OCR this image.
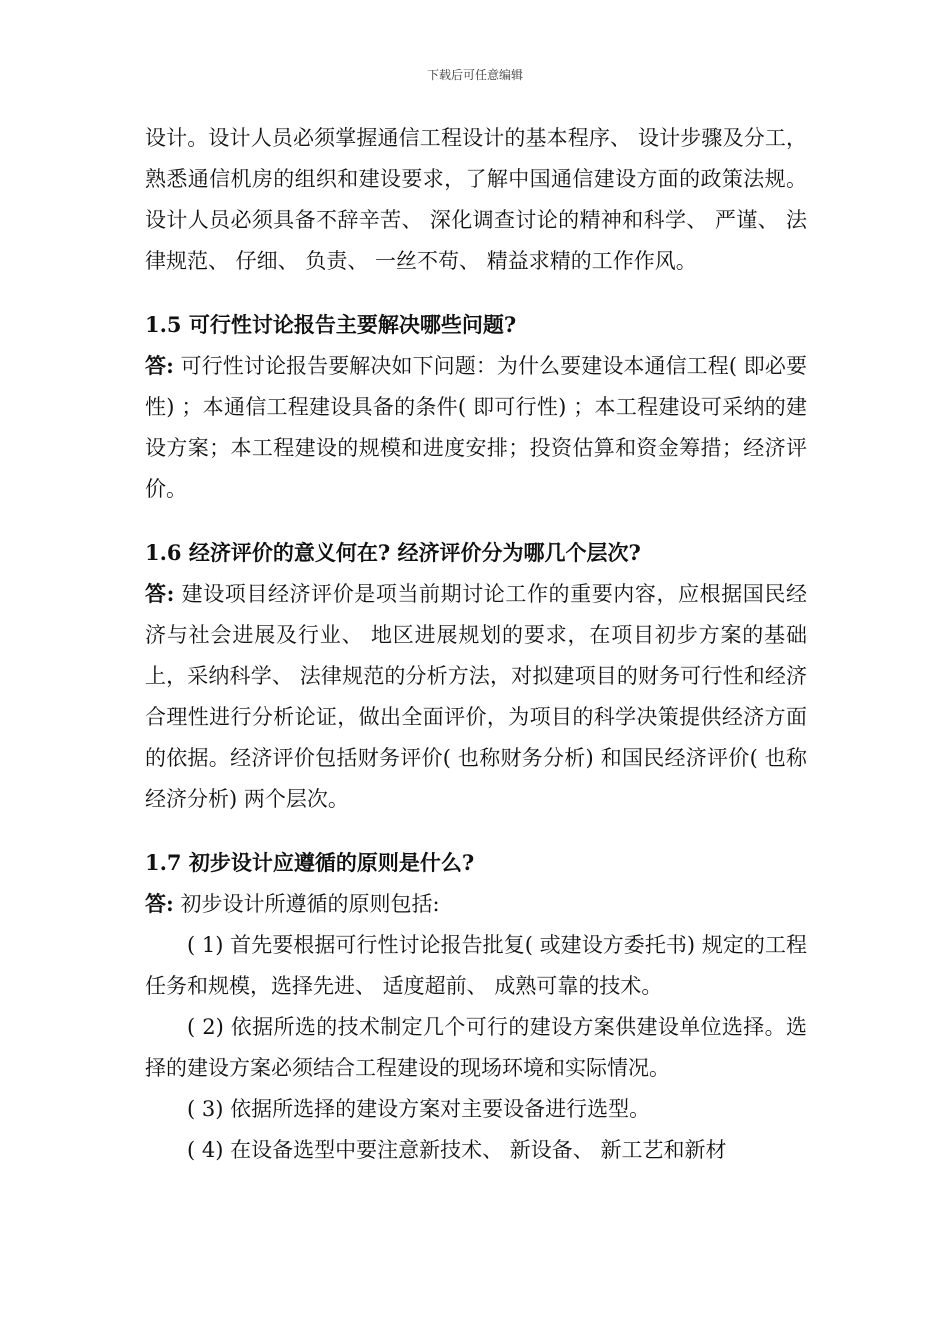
下载后可任意编辑

设计。设计人员必须掌握通信工程设计的基本程序、 设计步骤及分工，熟悉通信机房的组织和建设要求，了解中国通信建设方面的政策法规。设计人员必须具备不辞辛苦、 深化调查讨论的精神和科学、 严谨、 法律规范、 仔细、 负责、 一丝不苟、 精益求精的工作作风。

1.5 可行性讨论报告主要解决哪些问题?

答: 可行性讨论报告要解决如下问题：为什么要建设本通信工程( 即必要性) ；本通信工程建设具备的条件( 即可行性) ；本工程建设可采纳的建设方案；本工程建设的规模和进度安排；投资估算和资金筹措；经济评价。

1.6 经济评价的意义何在? 经济评价分为哪几个层次?

答: 建设项目经济评价是项当前期讨论工作的重要内容，应根据国民经济与社会进展及行业、 地区进展规划的要求，在项目初步方案的基础上，采纳科学、 法律规范的分析方法，对拟建项目的财务可行性和经济合理性进行分析论证，做出全面评价，为项目的科学决策提供经济方面的依据。经济评价包括财务评价( 也称财务分析) 和国民经济评价( 也称经济分析) 两个层次。

1.7 初步设计应遵循的原则是什么?

答: 初步设计所遵循的原则包括:

( 1) 首先要根据可行性讨论报告批复( 或建设方委托书) 规定的工程任务和规模，选择先进、 适度超前、 成熟可靠的技术。

( 2) 依据所选的技术制定几个可行的建设方案供建设单位选择。选择的建设方案必须结合工程建设的现场环境和实际情况。

( 3) 依据所选择的建设方案对主要设备进行选型。

( 4) 在设备选型中要注意新技术、 新设备、 新工艺和新材
